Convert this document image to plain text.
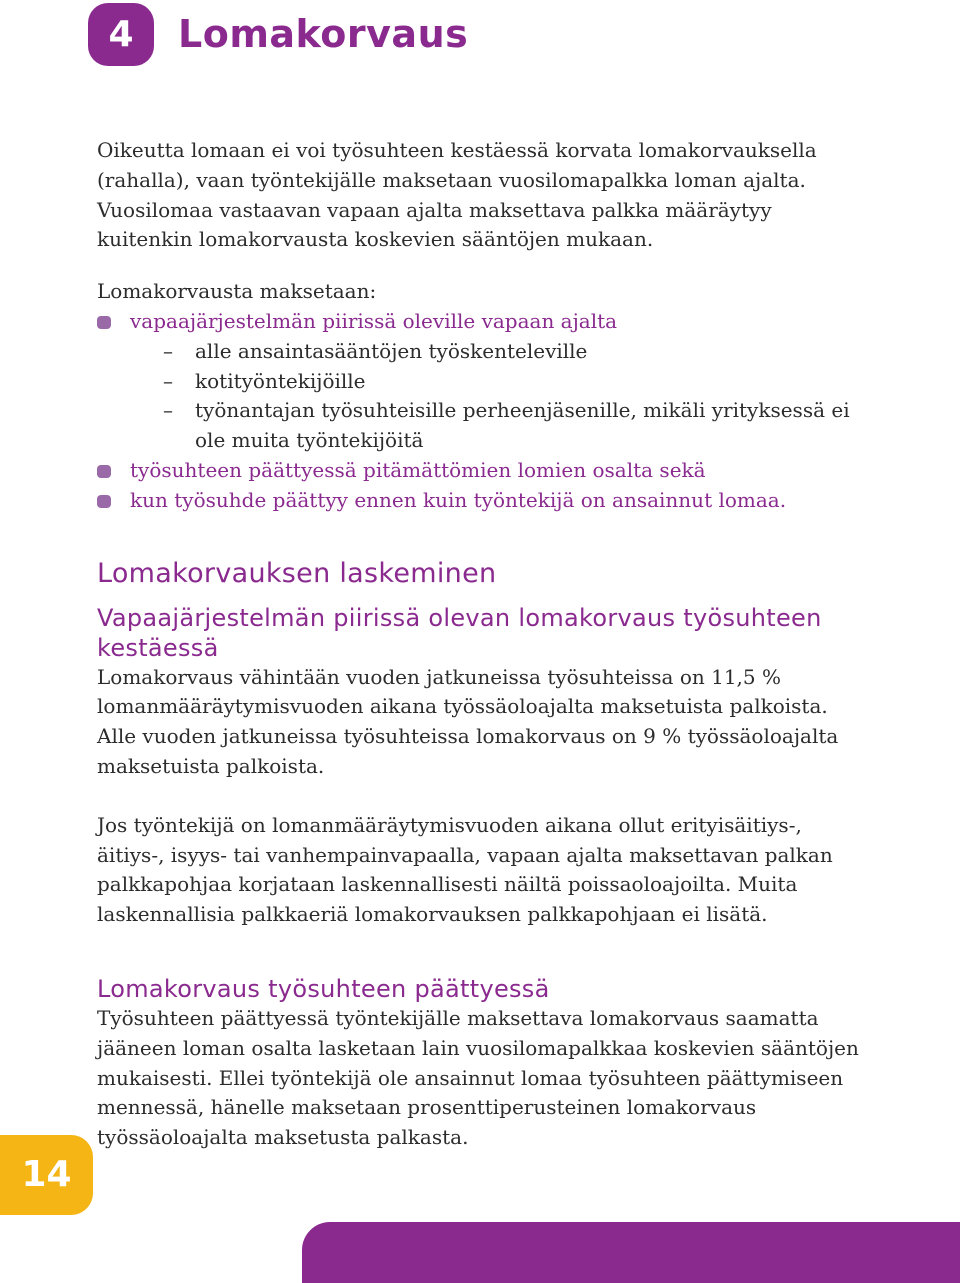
4	Lomakorvaus

Oikeutta lomaan ei voi työsuhteen kestäessä korvata lomakorvauksella (rahalla), vaan työntekijälle maksetaan vuosilomapalkka loman ajalta. Vuosilomaa vastaavan vapaan ajalta maksettava palkka määräytyy kuitenkin lomakorvausta koskevien sääntöjen mukaan.

Lomakorvausta maksetaan:

vapaajärjestelmän piirissä oleville vapaan ajalta
– alle ansaintasääntöjen työskenteleville
– kotityöntekijöille
– työnantajan työsuhteisille perheenjäsenille, mikäli yrityksessä ei ole muita työntekijöitä
työsuhteen päättyessä pitämättömien lomien osalta sekä
kun työsuhde päättyy ennen kuin työntekijä on ansainnut lomaa.
Lomakorvauksen laskeminen
Vapaajärjestelmän piirissä olevan lomakorvaus työsuhteen kestäessä

Lomakorvaus vähintään vuoden jatkuneissa työsuhteissa on 11,5 % lomanmääräytymisvuoden aikana työssäoloajalta maksetuista palkoista. Alle vuoden jatkuneissa työsuhteissa lomakorvaus on 9 % työssäoloajalta maksetuista palkoista.

Jos työntekijä on lomanmääräytymisvuoden aikana ollut erityisäitiys-, äitiys-, isyys- tai vanhempainvapaalla, vapaan ajalta maksettavan palkan palkkapohjaa korjataan laskennallisesti näiltä poissaoloajoilta. Muita laskennallisia palkkaeriä lomakorvauksen palkkapohjaan ei lisätä.

Lomakorvaus työsuhteen päättyessä

Työsuhteen päättyessä työntekijälle maksettava lomakorvaus saamatta jääneen loman osalta lasketaan lain vuosilomapalkkaa koskevien sääntöjen mukaisesti. Ellei työntekijä ole ansainnut lomaa työsuhteen päättymiseen mennessä, hänelle maksetaan prosenttiperusteinen lomakorvaus työssäoloajalta maksetusta palkasta.

14
